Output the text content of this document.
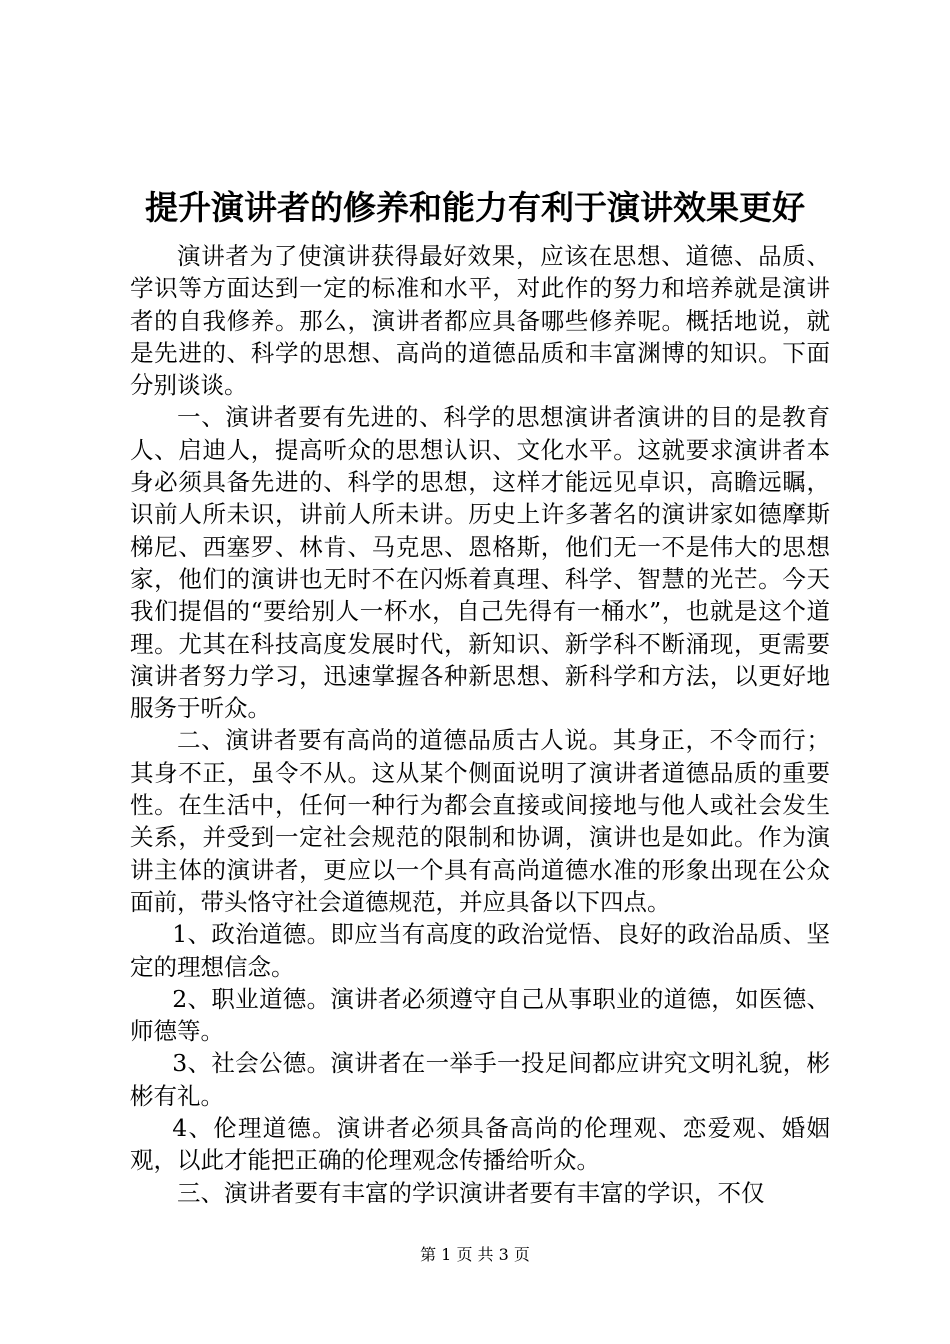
提升演讲者的修养和能力有利于演讲效果更好

演讲者为了使演讲获得最好效果，应该在思想、道德、品质、学识等方面达到一定的标准和水平，对此作的努力和培养就是演讲者的自我修养。那么，演讲者都应具备哪些修养呢。概括地说，就是先进的、科学的思想、高尚的道德品质和丰富渊博的知识。下面分别谈谈。

一、演讲者要有先进的、科学的思想演讲者演讲的目的是教育人、启迪人，提高听众的思想认识、文化水平。这就要求演讲者本身必须具备先进的、科学的思想，这样才能远见卓识，高瞻远瞩，识前人所未识，讲前人所未讲。历史上许多著名的演讲家如德摩斯梯尼、西塞罗、林肯、马克思、恩格斯，他们无一不是伟大的思想家，他们的演讲也无时不在闪烁着真理、科学、智慧的光芒。今天我们提倡的“要给别人一杯水，自己先得有一桶水”，也就是这个道理。尤其在科技高度发展时代，新知识、新学科不断涌现，更需要演讲者努力学习，迅速掌握各种新思想、新科学和方法，以更好地服务于听众。

二、演讲者要有高尚的道德品质古人说。其身正，不令而行；其身不正，虽令不从。这从某个侧面说明了演讲者道德品质的重要性。在生活中，任何一种行为都会直接或间接地与他人或社会发生关系，并受到一定社会规范的限制和协调，演讲也是如此。作为演讲主体的演讲者，更应以一个具有高尚道德水准的形象出现在公众面前，带头恪守社会道德规范，并应具备以下四点。

1、政治道德。即应当有高度的政治觉悟、良好的政治品质、坚定的理想信念。

2、职业道德。演讲者必须遵守自己从事职业的道德，如医德、师德等。

3、社会公德。演讲者在一举手一投足间都应讲究文明礼貌，彬彬有礼。

4、伦理道德。演讲者必须具备高尚的伦理观、恋爱观、婚姻观，以此才能把正确的伦理观念传播给听众。

三、演讲者要有丰富的学识演讲者要有丰富的学识，不仅

第 1 页 共 3 页
